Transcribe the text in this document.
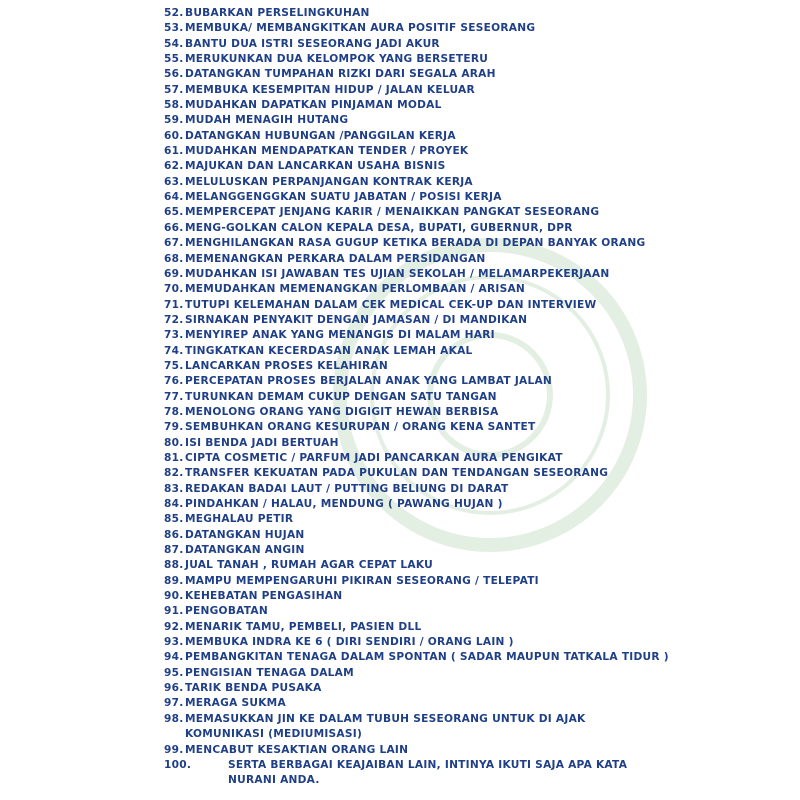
52. BUBARKAN PERSELINGKUHAN
53. MEMBUKA/ MEMBANGKITKAN AURA POSITIF SESEORANG
54. BANTU DUA ISTRI SESEORANG JADI AKUR
55. MERUKUNKAN DUA KELOMPOK YANG BERSETERU
56. DATANGKAN TUMPAHAN RIZKI DARI SEGALA ARAH
57. MEMBUKA KESEMPITAN HIDUP / JALAN KELUAR
58. MUDAHKAN DAPATKAN PINJAMAN MODAL
59. MUDAH MENAGIH HUTANG
60. DATANGKAN HUBUNGAN /PANGGILAN KERJA
61. MUDAHKAN MENDAPATKAN TENDER / PROYEK
62. MAJUKAN DAN LANCARKAN USAHA BISNIS
63. MELULUSKAN PERPANJANGAN KONTRAK KERJA
64. MELANGGENGGKAN SUATU JABATAN / POSISI KERJA
65. MEMPERCEPAT JENJANG KARIR / MENAIKKAN PANGKAT SESEORANG
66. MENG-GOLKAN CALON KEPALA DESA, BUPATI, GUBERNUR, DPR
67. MENGHILANGKAN RASA GUGUP KETIKA BERADA DI DEPAN BANYAK ORANG
68. MEMENANGKAN PERKARA DALAM PERSIDANGAN
69. MUDAHKAN ISI JAWABAN TES UJIAN SEKOLAH / MELAMARPEKERJAAN
70. MEMUDAHKAN MEMENANGKAN PERLOMBAAN / ARISAN
71. TUTUPI KELEMAHAN DALAM CEK MEDICAL CEK-UP DAN INTERVIEW
72. SIRNAKAN PENYAKIT DENGAN JAMASAN / DI MANDIKAN
73. MENYIREP ANAK YANG MENANGIS DI MALAM HARI
74. TINGKATKAN KECERDASAN ANAK LEMAH AKAL
75. LANCARKAN PROSES KELAHIRAN
76. PERCEPATAN PROSES BERJALAN ANAK YANG LAMBAT JALAN
77. TURUNKAN DEMAM CUKUP DENGAN SATU TANGAN
78. MENOLONG ORANG YANG DIGIGIT HEWAN BERBISA
79. SEMBUHKAN ORANG KESURUPAN / ORANG KENA SANTET
80. ISI BENDA JADI BERTUAH
81. CIPTA COSMETIC / PARFUM JADI PANCARKAN AURA PENGIKAT
82. TRANSFER KEKUATAN PADA PUKULAN DAN TENDANGAN SESEORANG
83. REDAKAN BADAI LAUT / PUTTING BELIUNG DI DARAT
84. PINDAHKAN / HALAU, MENDUNG ( PAWANG HUJAN )
85. MEGHALAU PETIR
86. DATANGKAN HUJAN
87. DATANGKAN ANGIN
88. JUAL TANAH , RUMAH AGAR CEPAT LAKU
89. MAMPU MEMPENGARUHI PIKIRAN SESEORANG / TELEPATI
90. KEHEBATAN PENGASIHAN
91. PENGOBATAN
92. MENARIK TAMU, PEMBELI, PASIEN DLL
93. MEMBUKA INDRA KE 6 ( DIRI SENDIRI / ORANG LAIN )
94. PEMBANGKITAN TENAGA DALAM SPONTAN ( SADAR MAUPUN TATKALA TIDUR )
95. PENGISIAN TENAGA DALAM
96. TARIK BENDA PUSAKA
97. MERAGA SUKMA
98. MEMASUKKAN JIN KE DALAM TUBUH SESEORANG UNTUK DI AJAK KOMUNIKASI (MEDIUMISASI)
99. MENCABUT KESAKTIAN ORANG LAIN
100.	SERTA BERBAGAI KEAJAIBAN LAIN, INTINYA IKUTI SAJA APA KATA NURANI ANDA.
